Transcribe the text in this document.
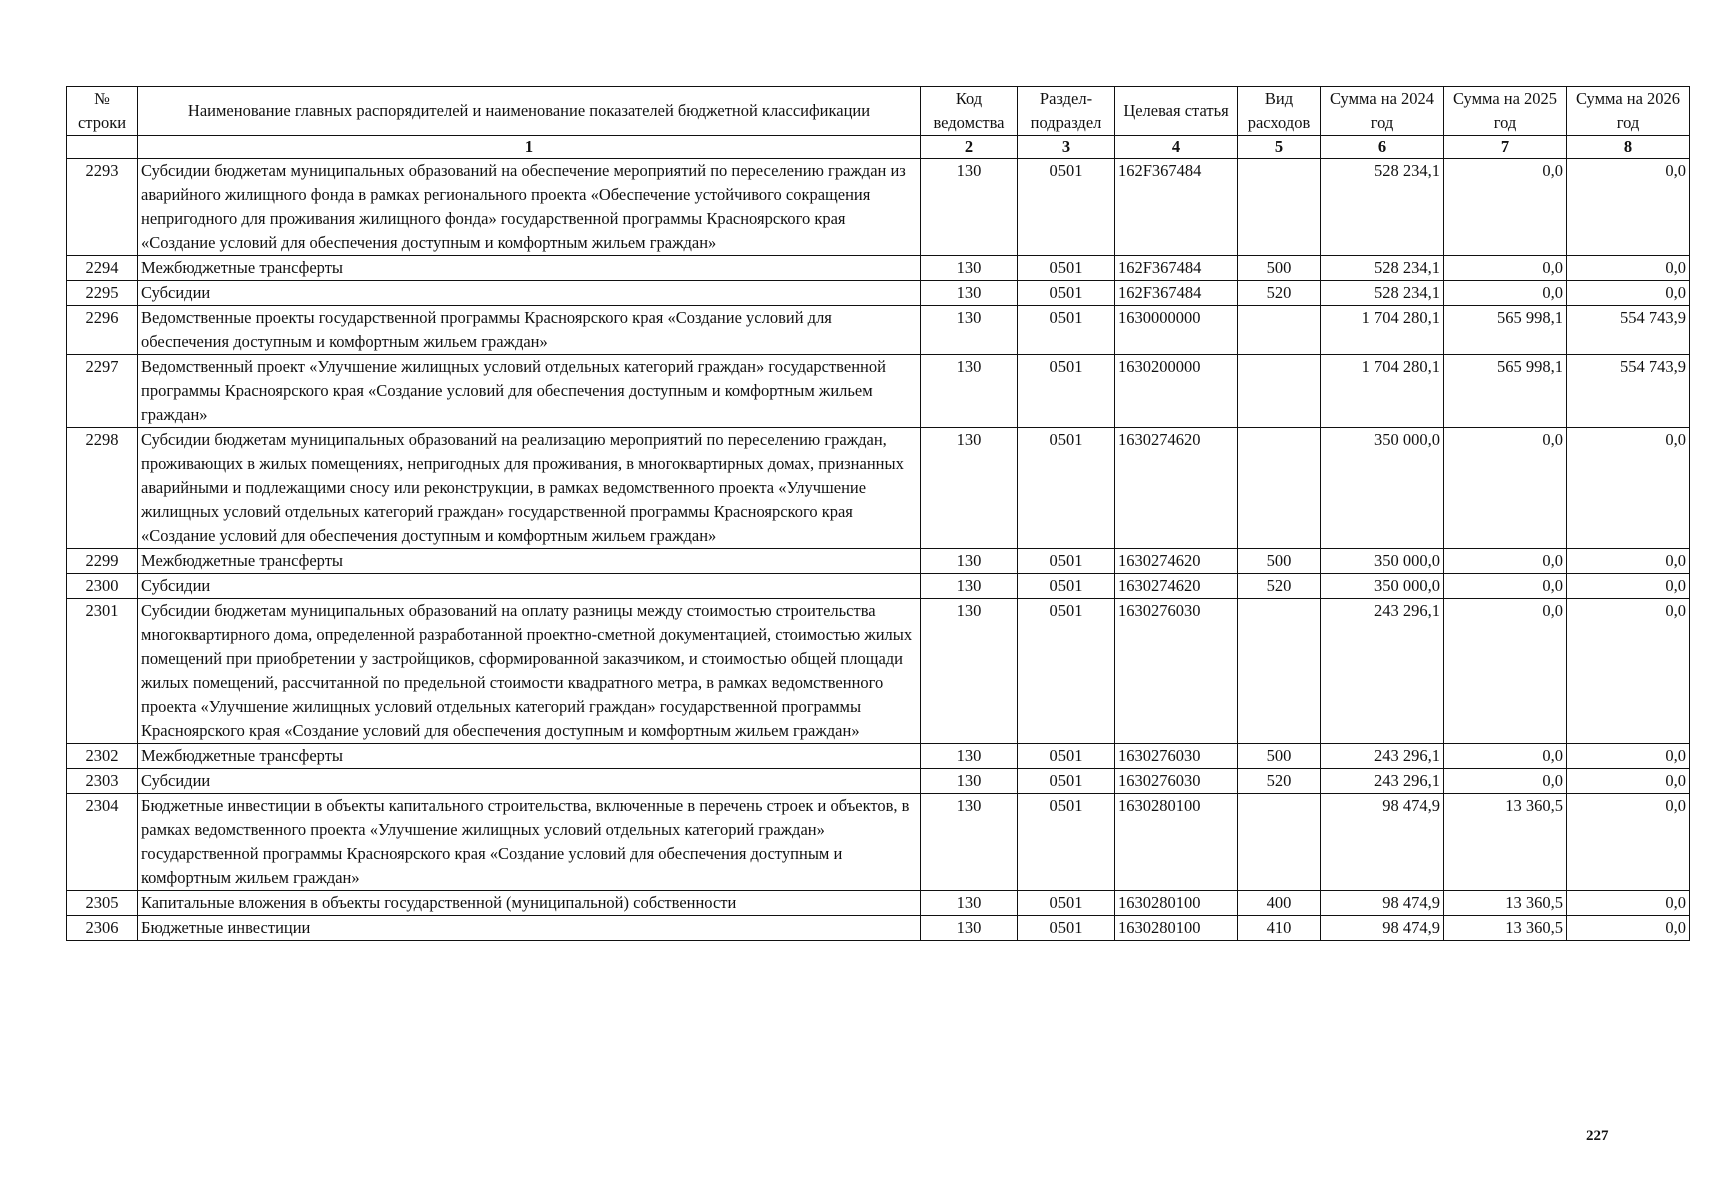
№ строки	Наименование главных распорядителей и наименование показателей бюджетной классификации	Код ведомства	Раздел-подраздел	Целевая статья	Вид расходов	Сумма на 2024 год	Сумма на 2025 год	Сумма на 2026 год
	1	2	3	4	5	6	7	8
2293	Субсидии бюджетам муниципальных образований на обеспечение мероприятий по переселению граждан из аварийного жилищного фонда в рамках регионального проекта «Обеспечение устойчивого сокращения непригодного для проживания жилищного фонда» государственной программы Красноярского края «Создание условий для обеспечения доступным и комфортным жильем граждан»	130	0501	162F367484		528 234,1	0,0	0,0
2294	Межбюджетные трансферты	130	0501	162F367484	500	528 234,1	0,0	0,0
2295	Субсидии	130	0501	162F367484	520	528 234,1	0,0	0,0
2296	Ведомственные проекты государственной программы Красноярского края «Создание условий для обеспечения доступным и комфортным жильем граждан»	130	0501	1630000000		1 704 280,1	565 998,1	554 743,9
2297	Ведомственный проект «Улучшение жилищных условий отдельных категорий граждан» государственной программы Красноярского края «Создание условий для обеспечения доступным и комфортным жильем граждан»	130	0501	1630200000		1 704 280,1	565 998,1	554 743,9
2298	Субсидии бюджетам муниципальных образований на реализацию мероприятий по переселению граждан, проживающих в жилых помещениях, непригодных для проживания, в многоквартирных домах, признанных аварийными и подлежащими сносу или реконструкции, в рамках ведомственного проекта «Улучшение жилищных условий отдельных категорий граждан» государственной программы Красноярского края «Создание условий для обеспечения доступным и комфортным жильем граждан»	130	0501	1630274620		350 000,0	0,0	0,0
2299	Межбюджетные трансферты	130	0501	1630274620	500	350 000,0	0,0	0,0
2300	Субсидии	130	0501	1630274620	520	350 000,0	0,0	0,0
2301	Субсидии бюджетам муниципальных образований на оплату разницы между стоимостью строительства многоквартирного дома, определенной разработанной проектно-сметной документацией, стоимостью жилых помещений при приобретении у застройщиков, сформированной заказчиком, и стоимостью общей площади жилых помещений, рассчитанной по предельной стоимости квадратного метра, в рамках ведомственного проекта «Улучшение жилищных условий отдельных категорий граждан» государственной программы Красноярского края «Создание условий для обеспечения доступным и комфортным жильем граждан»	130	0501	1630276030		243 296,1	0,0	0,0
2302	Межбюджетные трансферты	130	0501	1630276030	500	243 296,1	0,0	0,0
2303	Субсидии	130	0501	1630276030	520	243 296,1	0,0	0,0
2304	Бюджетные инвестиции в объекты капитального строительства, включенные в перечень строек и объектов, в рамках ведомственного проекта «Улучшение жилищных условий отдельных категорий граждан» государственной программы Красноярского края «Создание условий для обеспечения доступным и комфортным жильем граждан»	130	0501	1630280100		98 474,9	13 360,5	0,0
2305	Капитальные вложения в объекты государственной (муниципальной) собственности	130	0501	1630280100	400	98 474,9	13 360,5	0,0
2306	Бюджетные инвестиции	130	0501	1630280100	410	98 474,9	13 360,5	0,0
227
